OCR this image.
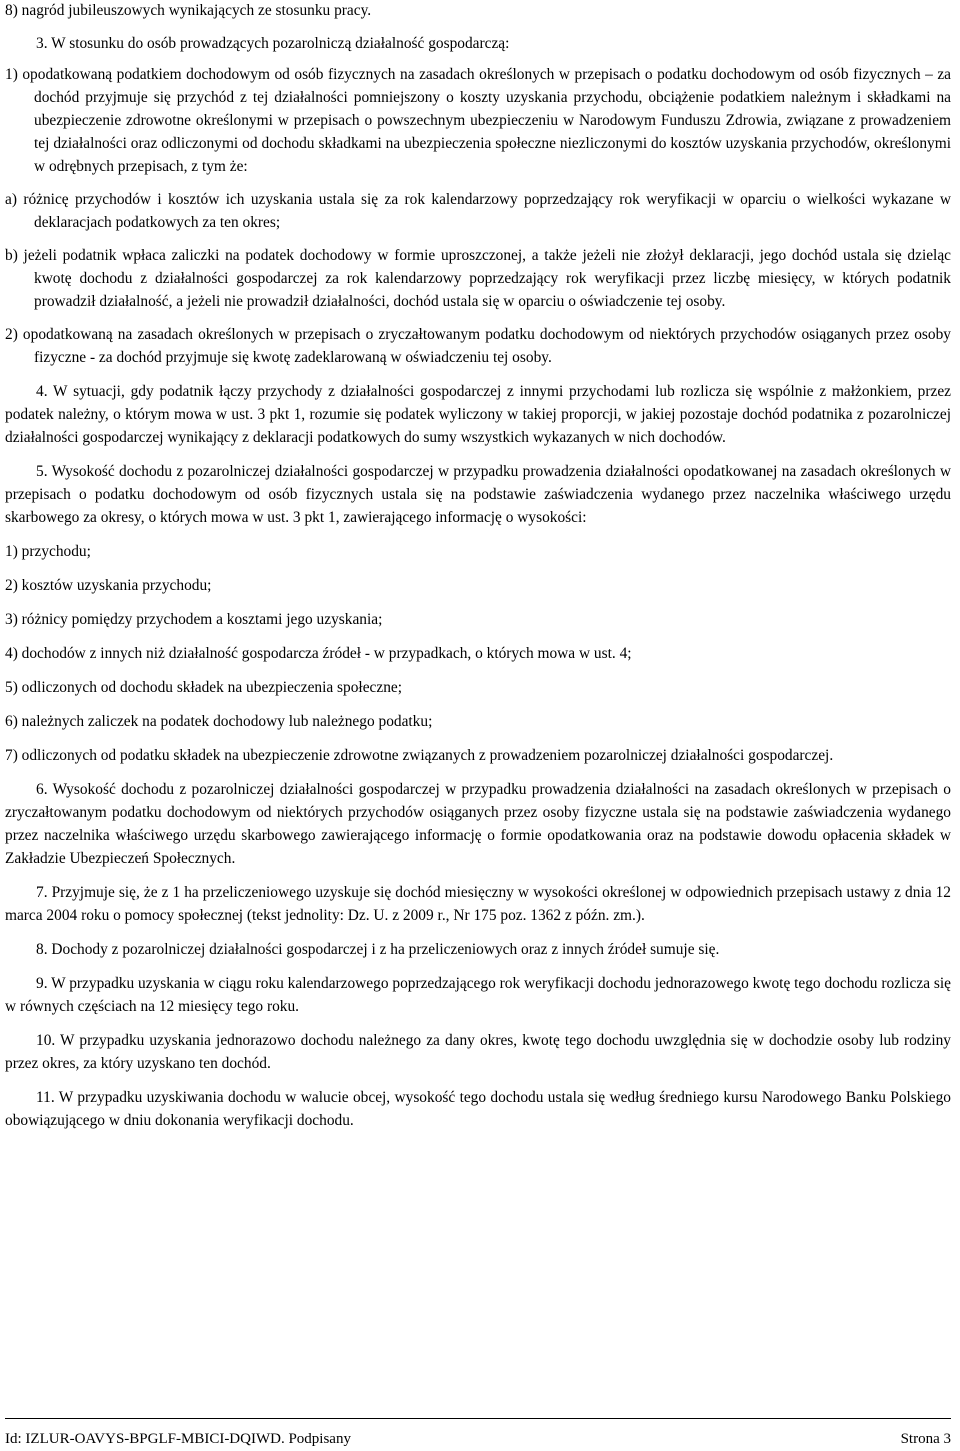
8) nagród jubileuszowych wynikających ze stosunku pracy.

3. W stosunku do osób prowadzących pozarolniczą działalność gospodarczą:

1) opodatkowaną podatkiem dochodowym od osób fizycznych na zasadach określonych w przepisach o podatku dochodowym od osób fizycznych – za dochód przyjmuje się przychód z tej działalności pomniejszony o koszty uzyskania przychodu, obciążenie podatkiem należnym i składkami na ubezpieczenie zdrowotne określonymi w przepisach o powszechnym ubezpieczeniu w Narodowym Funduszu Zdrowia, związane z prowadzeniem tej działalności oraz odliczonymi od dochodu składkami na ubezpieczenia społeczne niezliczonymi do kosztów uzyskania przychodów, określonymi w odrębnych przepisach, z tym że:

a) różnicę przychodów i kosztów ich uzyskania ustala się za rok kalendarzowy poprzedzający rok weryfikacji w oparciu o wielkości wykazane w deklaracjach podatkowych za ten okres;

b) jeżeli podatnik wpłaca zaliczki na podatek dochodowy w formie uproszczonej, a także jeżeli nie złożył deklaracji, jego dochód ustala się dzieląc kwotę dochodu z działalności gospodarczej za rok kalendarzowy poprzedzający rok weryfikacji przez liczbę miesięcy, w których podatnik prowadził działalność, a jeżeli nie prowadził działalności, dochód ustala się w oparciu o oświadczenie tej osoby.

2) opodatkowaną na zasadach określonych w przepisach o zryczałtowanym podatku dochodowym od niektórych przychodów osiąganych przez osoby fizyczne - za dochód przyjmuje się kwotę zadeklarowaną w oświadczeniu tej osoby.

4. W sytuacji, gdy podatnik łączy przychody z działalności gospodarczej z innymi przychodami lub rozlicza się wspólnie z małżonkiem, przez podatek należny, o którym mowa w ust. 3 pkt 1, rozumie się podatek wyliczony w takiej proporcji, w jakiej pozostaje dochód podatnika z pozarolniczej działalności gospodarczej wynikający z deklaracji podatkowych do sumy wszystkich wykazanych w nich dochodów.

5. Wysokość dochodu z pozarolniczej działalności gospodarczej w przypadku prowadzenia działalności opodatkowanej na zasadach określonych w przepisach o podatku dochodowym od osób fizycznych ustala się na podstawie zaświadczenia wydanego przez naczelnika właściwego urzędu skarbowego za okresy, o których mowa w ust. 3 pkt 1, zawierającego informację o wysokości:

1) przychodu;

2) kosztów uzyskania przychodu;

3) różnicy pomiędzy przychodem a kosztami jego uzyskania;

4) dochodów z innych niż działalność gospodarcza źródeł - w przypadkach, o których mowa w ust. 4;

5) odliczonych od dochodu składek na ubezpieczenia społeczne;

6) należnych zaliczek na podatek dochodowy lub należnego podatku;

7) odliczonych od podatku składek na ubezpieczenie zdrowotne związanych z prowadzeniem pozarolniczej działalności gospodarczej.

6. Wysokość dochodu z pozarolniczej działalności gospodarczej w przypadku prowadzenia działalności na zasadach określonych w przepisach o zryczałtowanym podatku dochodowym od niektórych przychodów osiąganych przez osoby fizyczne ustala się na podstawie zaświadczenia wydanego przez naczelnika właściwego urzędu skarbowego zawierającego informację o formie opodatkowania oraz na podstawie dowodu opłacenia składek w Zakładzie Ubezpieczeń Społecznych.

7. Przyjmuje się, że z 1 ha przeliczeniowego uzyskuje się dochód miesięczny w wysokości określonej w odpowiednich przepisach ustawy z dnia 12 marca 2004 roku o pomocy społecznej (tekst jednolity: Dz. U. z 2009 r., Nr 175 poz. 1362 z późn. zm.).

8. Dochody z pozarolniczej działalności gospodarczej i z ha przeliczeniowych oraz z innych źródeł sumuje się.

9. W przypadku uzyskania w ciągu roku kalendarzowego poprzedzającego rok weryfikacji dochodu jednorazowego kwotę tego dochodu rozlicza się w równych częściach na 12 miesięcy tego roku.

10. W przypadku uzyskania jednorazowo dochodu należnego za dany okres, kwotę tego dochodu uwzględnia się w dochodzie osoby lub rodziny przez okres, za który uzyskano ten dochód.

11. W przypadku uzyskiwania dochodu w walucie obcej, wysokość tego dochodu ustala się według średniego kursu Narodowego Banku Polskiego obowiązującego w dniu dokonania weryfikacji dochodu.

Id: IZLUR-OAVYS-BPGLF-MBICI-DQIWD. Podpisany	Strona 3
